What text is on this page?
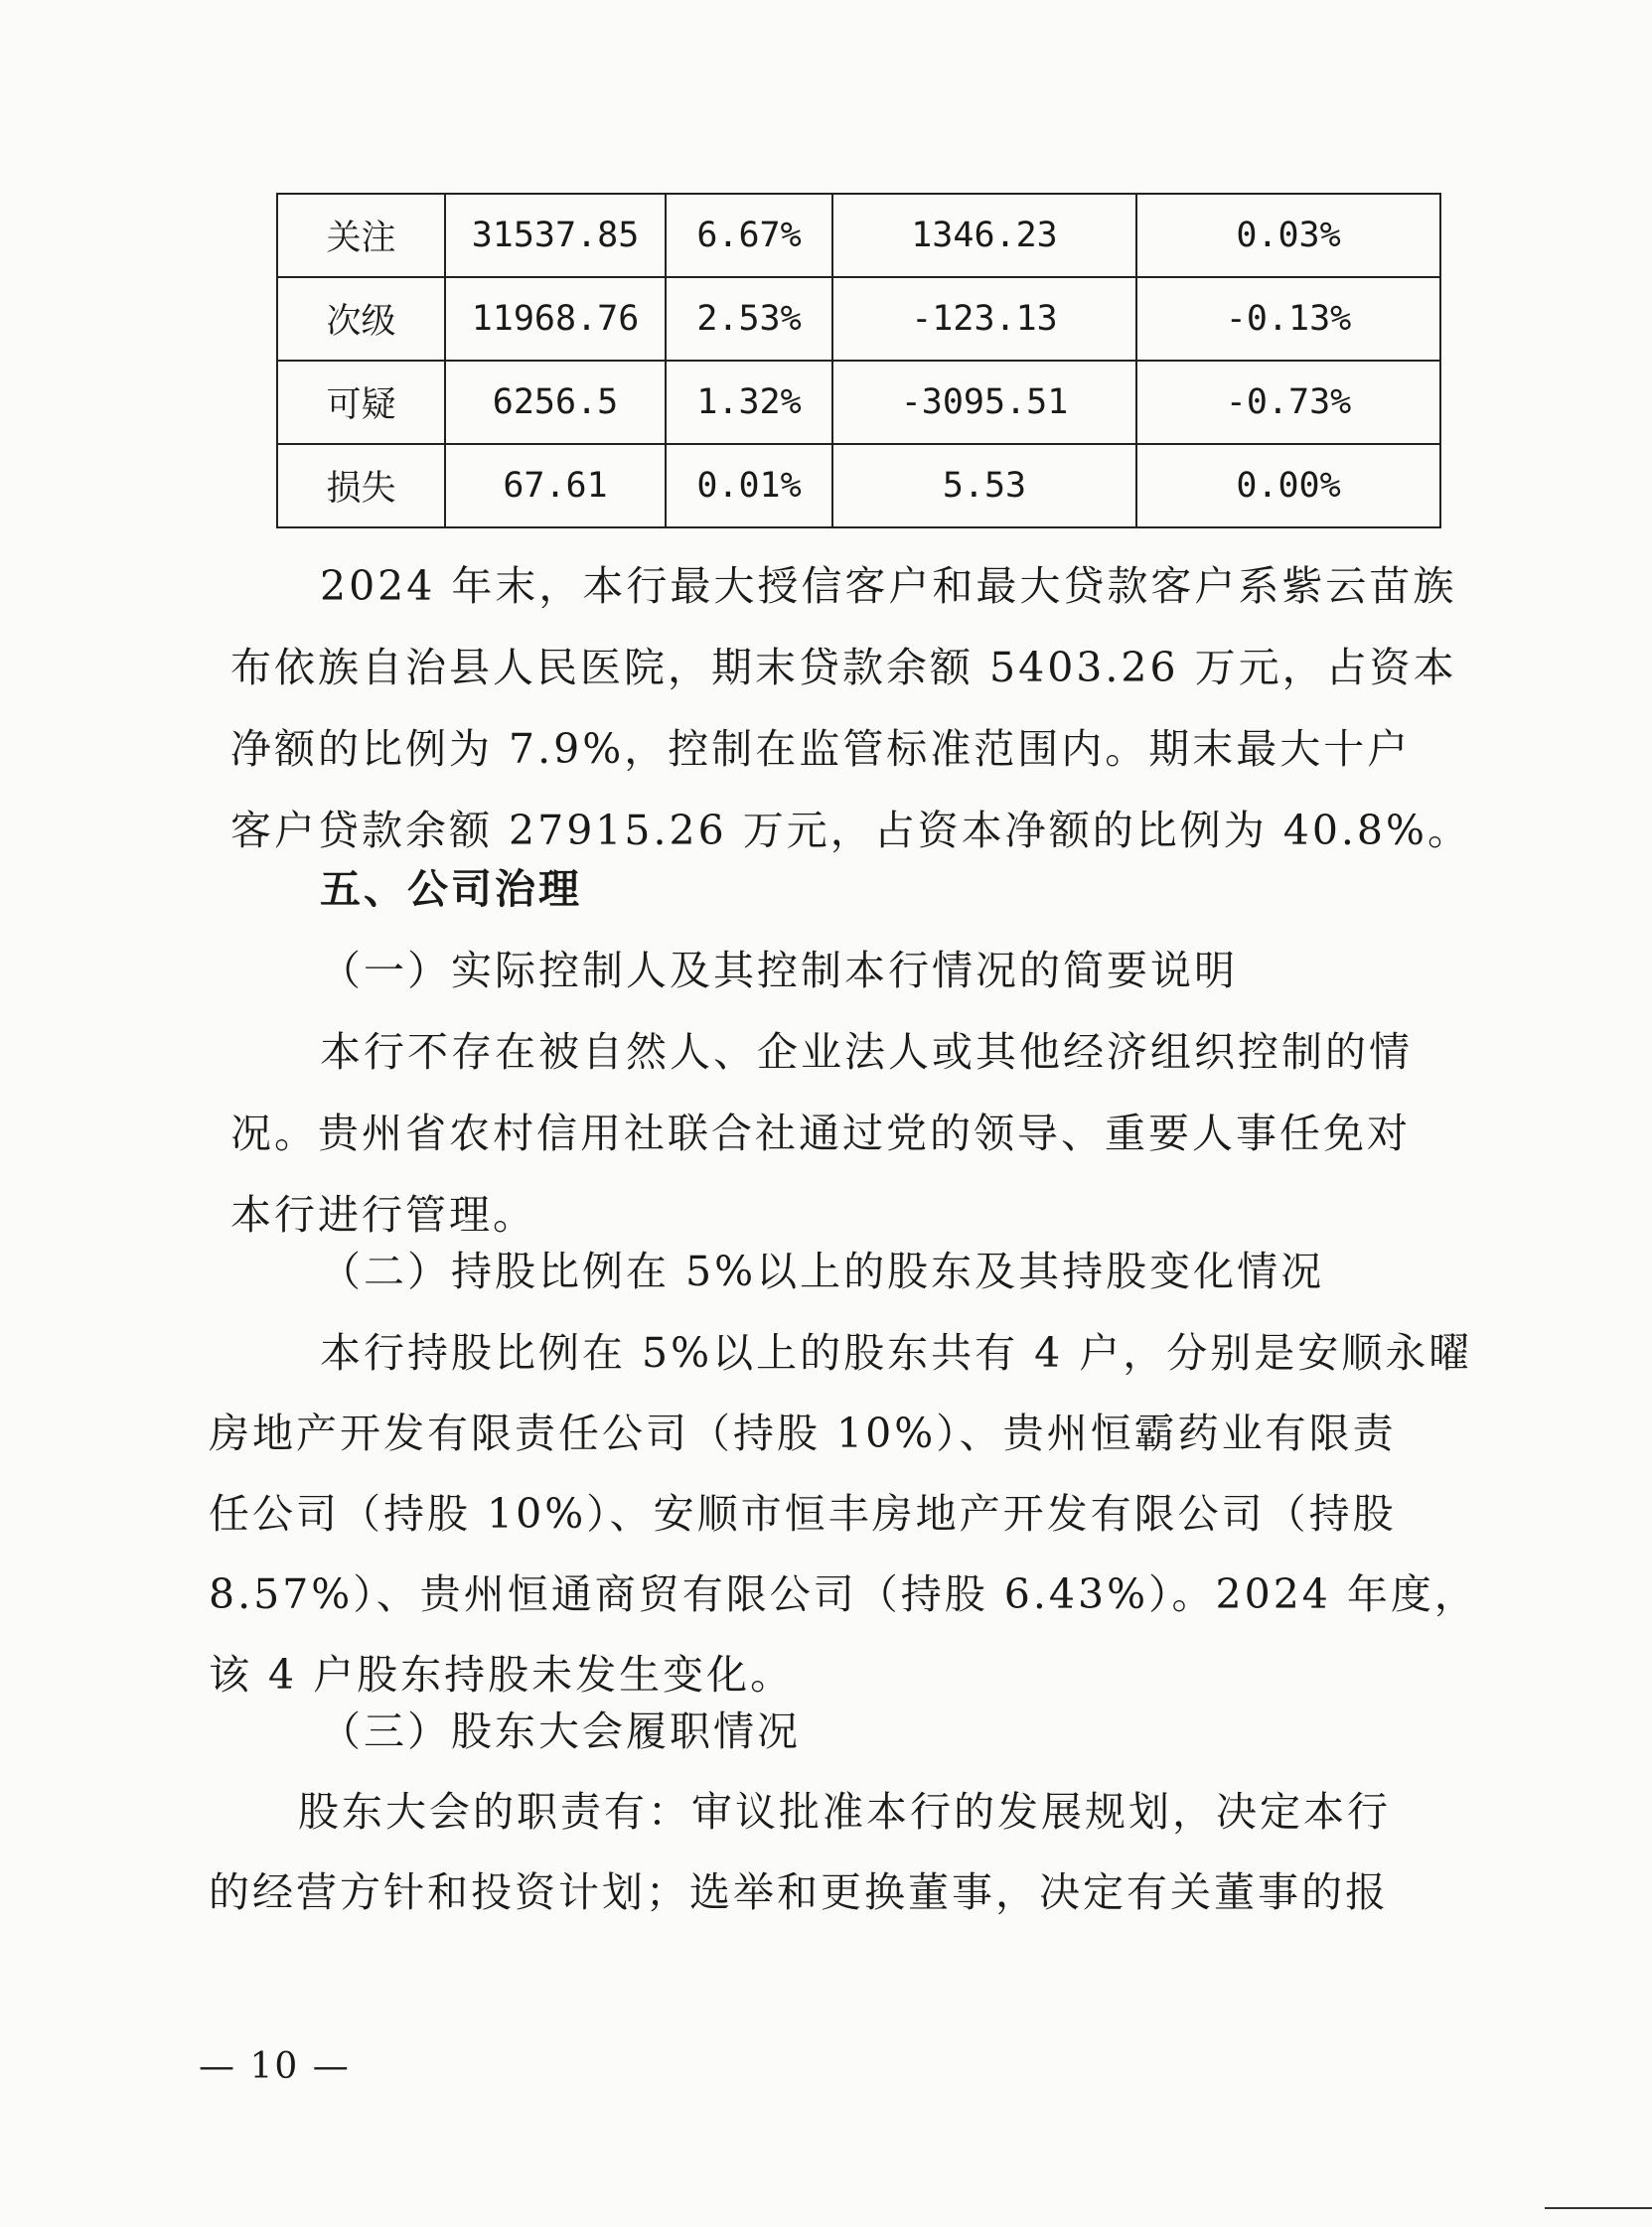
关注	31537.85	6.67%	1346.23	0.03%
次级	11968.76	2.53%	-123.13	-0.13%
可疑	6256.5	1.32%	-3095.51	-0.73%
损失	67.61	0.01%	5.53	0.00%
2024 年末，本行最大授信客户和最大贷款客户系紫云苗族
布依族自治县人民医院，期末贷款余额 5403.26 万元，占资本
净额的比例为 7.9%，控制在监管标准范围内。期末最大十户
客户贷款余额 27915.26 万元，占资本净额的比例为 40.8%。
五、公司治理
（一）实际控制人及其控制本行情况的简要说明
本行不存在被自然人、企业法人或其他经济组织控制的情
况。贵州省农村信用社联合社通过党的领导、重要人事任免对
本行进行管理。
（二）持股比例在 5%以上的股东及其持股变化情况
本行持股比例在 5%以上的股东共有 4 户，分别是安顺永曜
房地产开发有限责任公司（持股 10%）、贵州恒霸药业有限责
任公司（持股 10%）、安顺市恒丰房地产开发有限公司（持股
8.57%）、贵州恒通商贸有限公司（持股 6.43%）。2024 年度，
该 4 户股东持股未发生变化。
（三）股东大会履职情况
股东大会的职责有：审议批准本行的发展规划，决定本行
的经营方针和投资计划；选举和更换董事，决定有关董事的报
— 10 —
